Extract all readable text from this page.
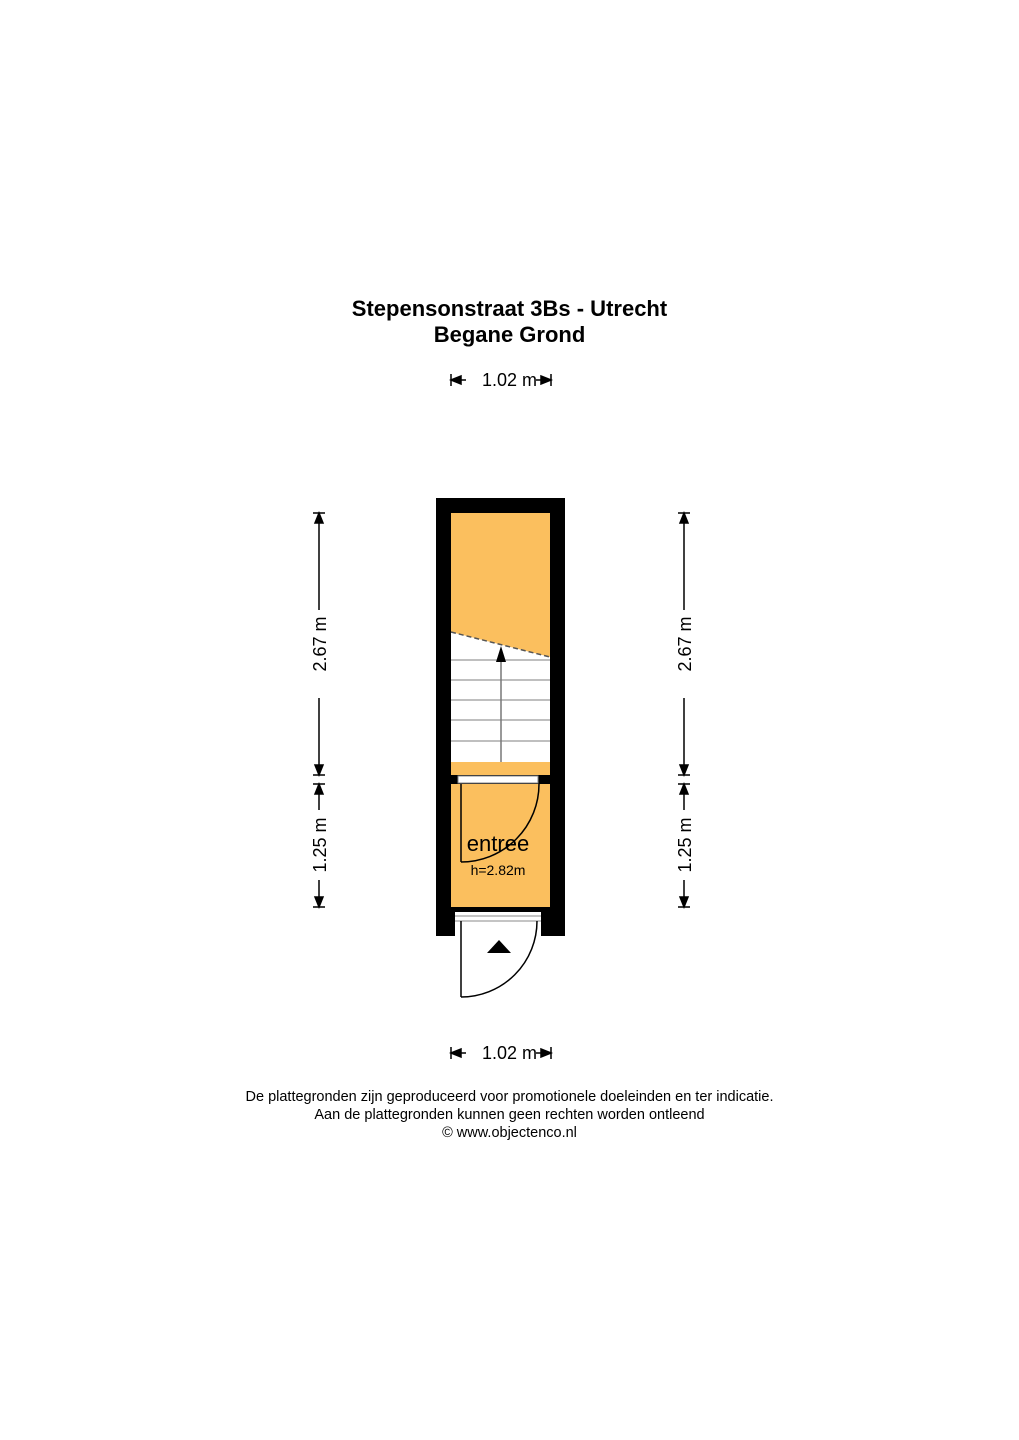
Stepensonstraat 3Bs - Utrecht
Begane Grond
2.67 m
1.25 m
2.67 m
1.25 m
entree
h=2.82m
1.02 m
1.02 m
De plattegronden zijn geproduceerd voor promotionele doeleinden en ter indicatie.
Aan de plattegronden kunnen geen rechten worden ontleend
© www.objectenco.nl
